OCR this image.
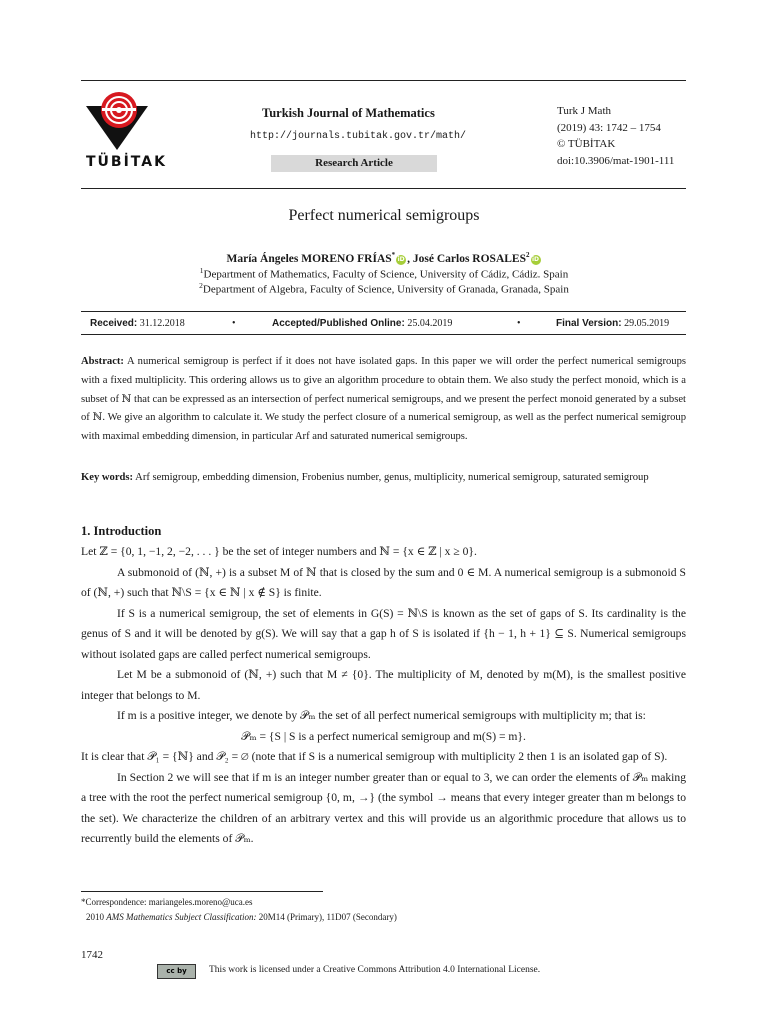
TÜBİTAK
Turkish Journal of Mathematics
http://journals.tubitak.gov.tr/math/
Research Article
Turk J Math
(2019) 43: 1742 – 1754
© TÜBİTAK
doi:10.3906/mat-1901-111
Perfect numerical semigroups
María Ángeles MORENO FRÍAS*iD , José Carlos ROSALES$^2$iD
$^1$Department of Mathematics, Faculty of Science, University of Cádiz, Cádiz. Spain
$^2$Department of Algebra, Faculty of Science, University of Granada, Granada, Spain
Received: 31.12.2018	•	Accepted/Published Online: 25.04.2019	•	Final Version: 29.05.2019
Abstract: A numerical semigroup is perfect if it does not have isolated gaps. In this paper we will order the perfect numerical semigroups with a fixed multiplicity. This ordering allows us to give an algorithm procedure to obtain them. We also study the perfect monoid, which is a subset of ℕ that can be expressed as an intersection of perfect numerical semigroups, and we present the perfect monoid generated by a subset of ℕ. We give an algorithm to calculate it. We study the perfect closure of a numerical semigroup, as well as the perfect numerical semigroup with maximal embedding dimension, in particular Arf and saturated numerical semigroups.
Key words: Arf semigroup, embedding dimension, Frobenius number, genus, multiplicity, numerical semigroup, saturated semigroup
1. Introduction

Let ℤ = {0, 1, −1, 2, −2, . . . } be the set of integer numbers and ℕ = {x ∈ ℤ | x ≥ 0}.

A submonoid of (ℕ, +) is a subset M of ℕ that is closed by the sum and 0 ∈ M. A numerical semigroup is a submonoid S of (ℕ, +) such that ℕ\S = {x ∈ ℕ | x ∉ S} is finite.

If S is a numerical semigroup, the set of elements in G(S) = ℕ\S is known as the set of gaps of S. Its cardinality is the genus of S and it will be denoted by g(S). We will say that a gap h of S is isolated if {h − 1, h + 1} ⊆ S. Numerical semigroups without isolated gaps are called perfect numerical semigroups.

Let M be a submonoid of (ℕ, +) such that M ≠ {0}. The multiplicity of M, denoted by m(M), is the smallest positive integer that belongs to M.

If m is a positive integer, we denote by 𝒫ₘ the set of all perfect numerical semigroups with multiplicity m; that is:

𝒫ₘ = {S | S is a perfect numerical semigroup and m(S) = m}.

It is clear that 𝒫₁ = {ℕ} and 𝒫₂ = ∅ (note that if S is a numerical semigroup with multiplicity 2 then 1 is an isolated gap of S).

In Section 2 we will see that if m is an integer number greater than or equal to 3, we can order the elements of 𝒫ₘ making a tree with the root the perfect numerical semigroup {0, m, →} (the symbol → means that every integer greater than m belongs to the set). We characterize the children of an arbitrary vertex and this will provide us an algorithmic procedure that allows us to recurrently build the elements of 𝒫ₘ.

*Correspondence: mariangeles.moreno@uca.es
2010 AMS Mathematics Subject Classification: 20M14 (Primary), 11D07 (Secondary)
1742
cc by	This work is licensed under a Creative Commons Attribution 4.0 International License.
